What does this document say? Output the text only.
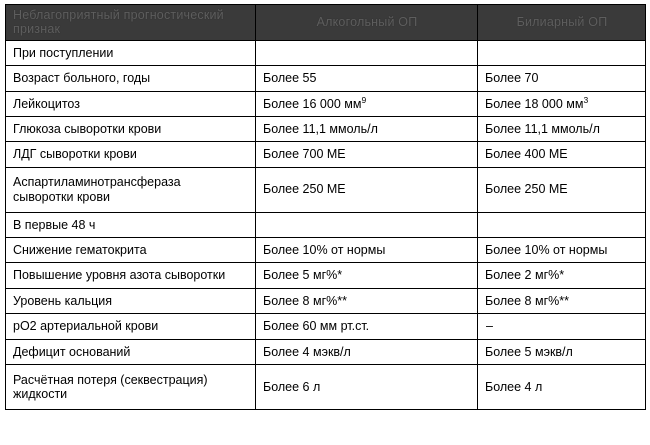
Неблагоприятный прогностический признак	Алкогольный ОП	Билиарный ОП
При поступлении		
Возраст больного, годы	Более 55	Более 70
Лейкоцитоз	Более 16 000 $мм^9$	Более 18 000 $мм^3$
Глюкоза сыворотки крови	Более 11,1 ммоль/л	Более 11,1 ммоль/л
ЛДГ сыворотки крови	Более 700 МЕ	Более 400 МЕ

Аспартиламинотрансфераза
сыворотки крови	Более 250 МЕ	Более 250 МЕ
В первые 48 ч		
Снижение гематокрита	Более 10% от нормы	Более 10% от нормы
Повышение уровня азота сыворотки	Более 5 мг%*	Более 2 мг%*
Уровень кальция	Более 8 мг%**	Более 8 мг%**
pO2 артериальной крови	Более 60 мм рт.ст.	–
Дефицит оснований	Более 4 мэкв/л	Более 5 мэкв/л

Расчётная потеря (секвестрация)
жидкости	Более 6 л	Более 4 л
